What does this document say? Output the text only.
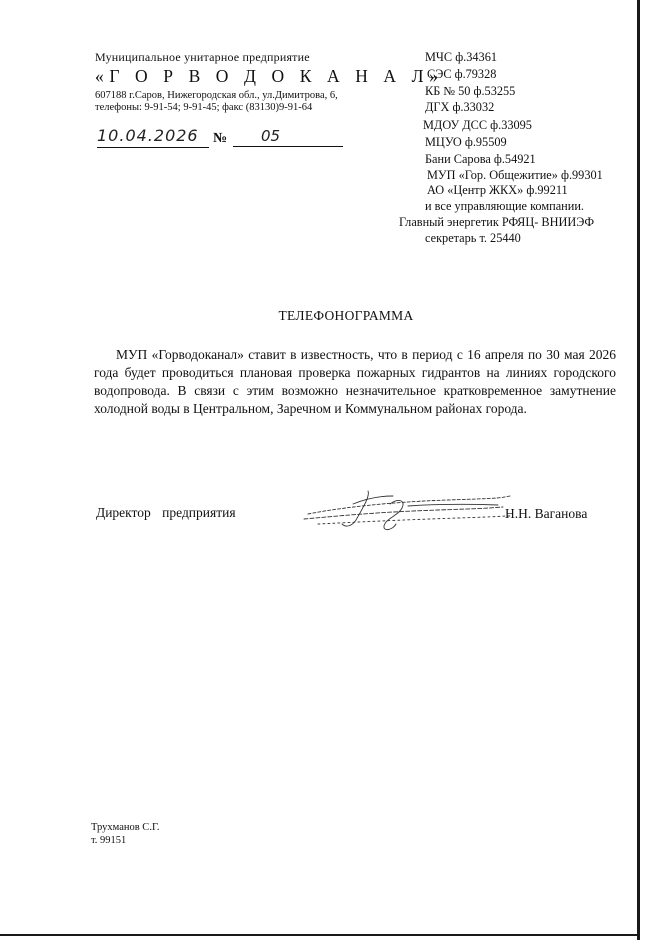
Муниципальное унитарное предприятие
«Г О Р В О Д О К А Н А Л»
607188 г.Саров, Нижегородская обл., ул.Димитрова, 6,
телефоны: 9-91-54; 9-91-45; факс (83130)9-91-64
10.04.2026	№	05
МЧС ф.34361
СЭС ф.79328
КБ № 50 ф.53255
ДГХ ф.33032
МДОУ ДСС ф.33095
МЦУО ф.95509
Бани Сарова ф.54921
МУП «Гор. Общежитие» ф.99301
АО «Центр ЖКХ» ф.99211
и все управляющие компании.
Главный энергетик РФЯЦ- ВНИИЭФ
секретарь т. 25440
ТЕЛЕФОНОГРАММА
МУП «Горводоканал» ставит в известность, что в период с 16 апреля по 30 мая 2026 года будет проводиться плановая проверка пожарных гидрантов на линиях городского водопровода. В связи с этим возможно незначительное кратковременное замутнение холодной воды в Центральном, Заречном и Коммунальном районах города.
Директор предприятия	Н.Н. Ваганова
Трухманов С.Г.
т. 99151
